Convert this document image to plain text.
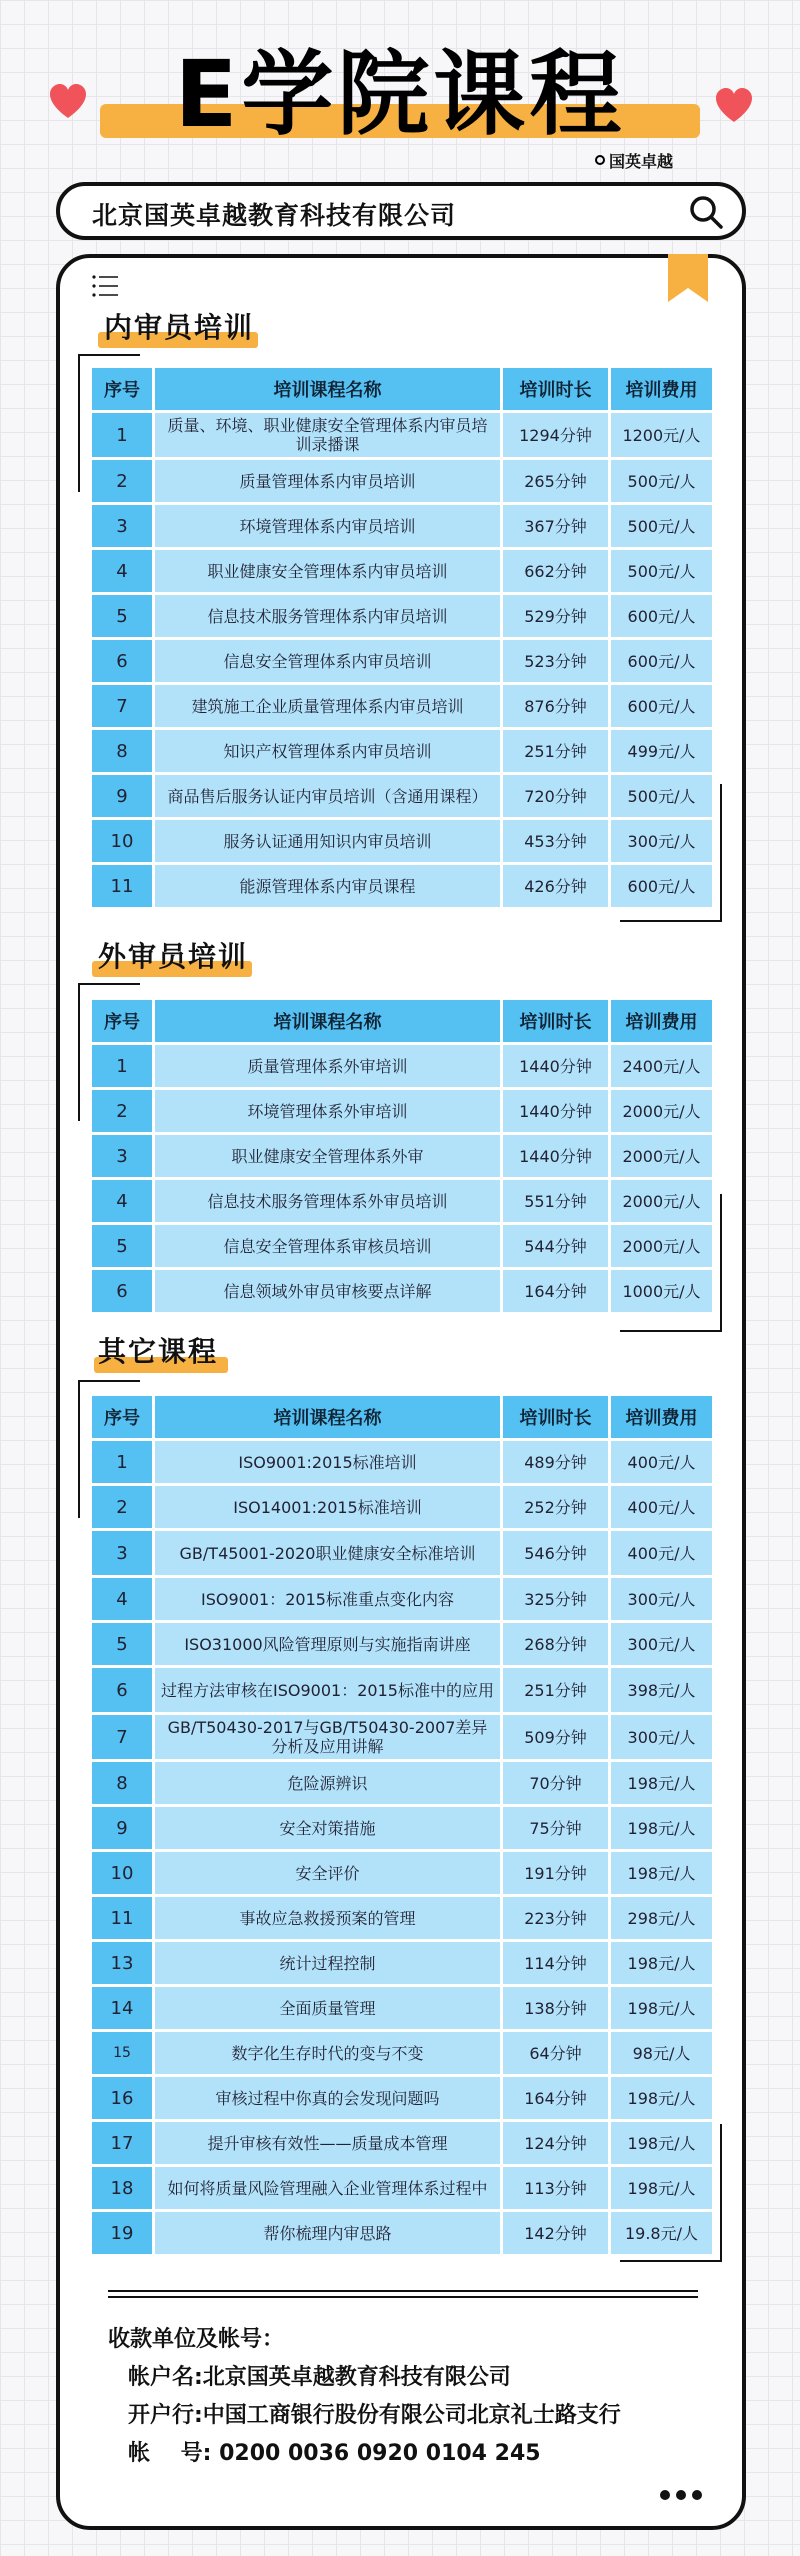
E学院课程
国英卓越
北京国英卓越教育科技有限公司
内审员培训
序号	培训课程名称	培训时长	培训费用
1	质量、环境、职业健康安全管理体系内审员培训录播课	1294分钟	1200元/人
2	质量管理体系内审员培训	265分钟	500元/人
3	环境管理体系内审员培训	367分钟	500元/人
4	职业健康安全管理体系内审员培训	662分钟	500元/人
5	信息技术服务管理体系内审员培训	529分钟	600元/人
6	信息安全管理体系内审员培训	523分钟	600元/人
7	建筑施工企业质量管理体系内审员培训	876分钟	600元/人
8	知识产权管理体系内审员培训	251分钟	499元/人
9	商品售后服务认证内审员培训（含通用课程）	720分钟	500元/人
10	服务认证通用知识内审员培训	453分钟	300元/人
11	能源管理体系内审员课程	426分钟	600元/人
外审员培训
序号	培训课程名称	培训时长	培训费用
1	质量管理体系外审培训	1440分钟	2400元/人
2	环境管理体系外审培训	1440分钟	2000元/人
3	职业健康安全管理体系外审	1440分钟	2000元/人
4	信息技术服务管理体系外审员培训	551分钟	2000元/人
5	信息安全管理体系审核员培训	544分钟	2000元/人
6	信息领域外审员审核要点详解	164分钟	1000元/人
其它课程
序号	培训课程名称	培训时长	培训费用
1	ISO9001:2015标准培训	489分钟	400元/人
2	ISO14001:2015标准培训	252分钟	400元/人
3	GB/T45001-2020职业健康安全标准培训	546分钟	400元/人
4	ISO9001：2015标准重点变化内容	325分钟	300元/人
5	ISO31000风险管理原则与实施指南讲座	268分钟	300元/人
6	过程方法审核在ISO9001：2015标准中的应用	251分钟	398元/人
7	GB/T50430-2017与GB/T50430-2007差异分析及应用讲解	509分钟	300元/人
8	危险源辨识	70分钟	198元/人
9	安全对策措施	75分钟	198元/人
10	安全评价	191分钟	198元/人
11	事故应急救援预案的管理	223分钟	298元/人
13	统计过程控制	114分钟	198元/人
14	全面质量管理	138分钟	198元/人
15	数字化生存时代的变与不变	64分钟	98元/人
16	审核过程中你真的会发现问题吗	164分钟	198元/人
17	提升审核有效性——质量成本管理	124分钟	198元/人
18	如何将质量风险管理融入企业管理体系过程中	113分钟	198元/人
19	帮你梳理内审思路	142分钟	19.8元/人
收款单位及帐号：
帐户名:北京国英卓越教育科技有限公司
开户行:中国工商银行股份有限公司北京礼士路支行
帐    号: 0200 0036 0920 0104 245
